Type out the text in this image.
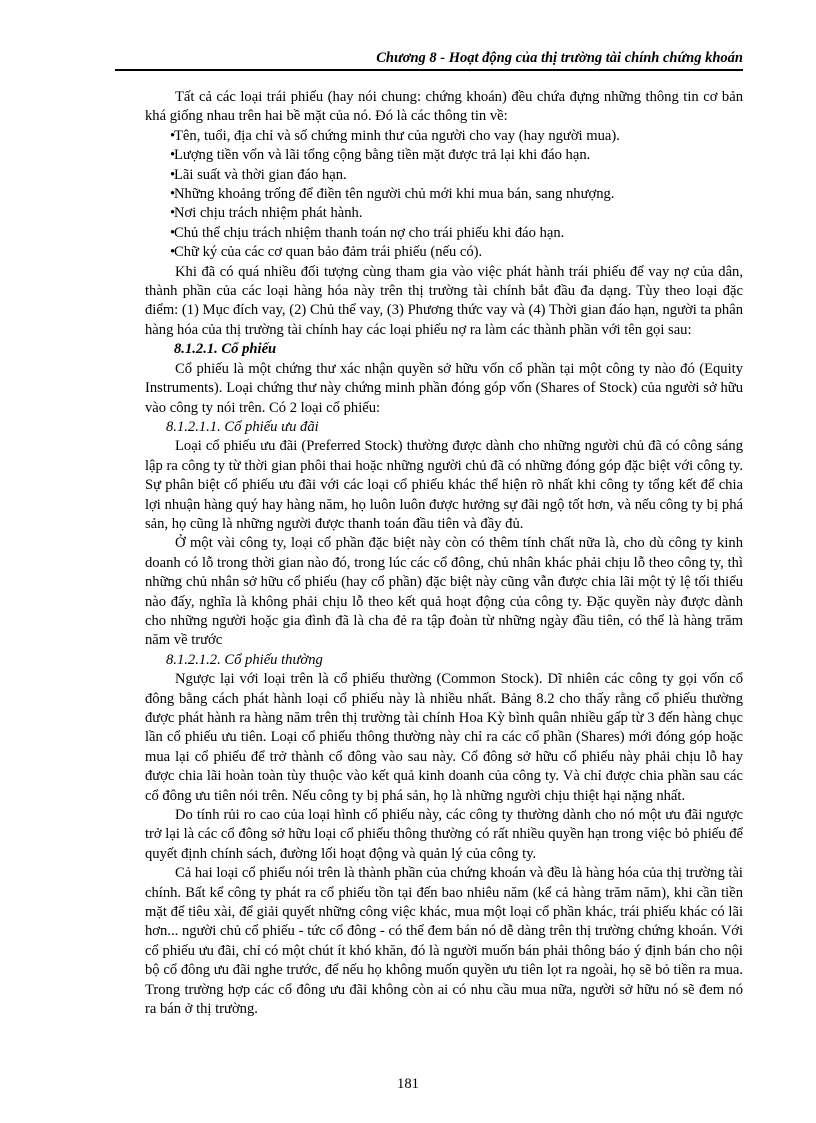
Chương 8 - Hoạt động của thị trường tài chính chứng khoán

Tất cả các loại trái phiếu (hay nói chung: chứng khoán) đều chứa đựng những thông tin cơ bản khá giống nhau trên hai bề mặt của nó. Đó là các thông tin về:

•
Tên, tuổi, địa chỉ và số chứng minh thư của người cho vay (hay người mua).
•
Lượng tiền vốn và lãi tổng cộng bằng tiền mặt được trả lại khi đáo hạn.
•
Lãi suất và thời gian đáo hạn.
•
Những khoảng trống để điền tên người chủ mới khi mua bán, sang nhượng.
•
Nơi chịu trách nhiệm phát hành.
•
Chủ thể chịu trách nhiệm thanh toán nợ cho trái phiếu khi đáo hạn.
•
Chữ ký của các cơ quan bảo đảm trái phiếu (nếu có).

Khi đã có quá nhiều đối tượng cùng tham gia vào việc phát hành trái phiếu để vay nợ của dân, thành phần của các loại hàng hóa này trên thị trường tài chính bắt đầu đa dạng. Tùy theo loại đặc điểm: (1) Mục đích vay, (2) Chủ thể vay, (3) Phương thức vay và (4) Thời gian đáo hạn, người ta phân hàng hóa của thị trường tài chính hay các loại phiếu nợ ra làm các thành phần với tên gọi sau:

8.1.2.1. Cổ phiếu

Cổ phiếu là một chứng thư xác nhận quyền sở hữu vốn cổ phần tại một công ty nào đó (Equity Instruments). Loại chứng thư này chứng minh phần đóng góp vốn (Shares of Stock) của người sở hữu vào công ty nói trên. Có 2 loại cổ phiếu:

8.1.2.1.1. Cổ phiếu ưu đãi

Loại cổ phiếu ưu đãi (Preferred Stock) thường được dành cho những người chủ đã có công sáng lập ra công ty từ thời gian phôi thai hoặc những người chủ đã có những đóng góp đặc biệt với công ty. Sự phân biệt cổ phiếu ưu đãi với các loại cổ phiếu khác thể hiện rõ nhất khi công ty tổng kết để chia lợi nhuận hàng quý hay hàng năm, họ luôn luôn được hưởng sự đãi ngộ tốt hơn, và nếu công ty bị phá sản, họ cũng là những người được thanh toán đầu tiên và đầy đủ.

Ở một vài công ty, loại cổ phần đặc biệt này còn có thêm tính chất nữa là, cho dù công ty kinh doanh có lỗ trong thời gian nào đó, trong lúc các cổ đông, chủ nhân khác phải chịu lỗ theo công ty, thì những chủ nhân sở hữu cổ phiếu (hay cổ phần) đặc biệt này cũng vẫn được chia lãi một tỷ lệ tối thiểu nào đấy, nghĩa là không phải chịu lỗ theo kết quả hoạt động của công ty. Đặc quyền này được dành cho những người hoặc gia đình đã là cha đẻ ra tập đoàn từ những ngày đầu tiên, có thể là hàng trăm năm về trước

8.1.2.1.2. Cổ phiếu thường

Ngược lại với loại trên là cổ phiếu thường (Common Stock). Dĩ nhiên các công ty gọi vốn cổ đông bằng cách phát hành loại cổ phiếu này là nhiều nhất. Bảng 8.2 cho thấy rằng cổ phiếu thường được phát hành ra hàng năm trên thị trường tài chính Hoa Kỳ bình quân nhiều gấp từ 3 đến hàng chục lần cổ phiếu ưu tiên. Loại cổ phiếu thông thường này chỉ ra các cổ phần (Shares) mới đóng góp hoặc mua lại cổ phiếu để trở thành cổ đông vào sau này. Cổ đông sở hữu cổ phiếu này phải chịu lỗ hay được chia lãi hoàn toàn tùy thuộc vào kết quả kinh doanh của công ty. Và chỉ được chia phần sau các cổ đông ưu tiên nói trên. Nếu công ty bị phá sản, họ là những người chịu thiệt hại nặng nhất.

Do tính rủi ro cao của loại hình cổ phiếu này, các công ty thường dành cho nó một ưu đãi ngược trở lại là các cổ đông sở hữu loại cổ phiếu thông thường có rất nhiều quyền hạn trong việc bỏ phiếu để quyết định chính sách, đường lối hoạt động và quản lý của công ty.

Cả hai loại cổ phiếu nói trên là thành phần của chứng khoán và đều là hàng hóa của thị trường tài chính. Bất kể công ty phát ra cổ phiếu tồn tại đến bao nhiêu năm (kể cả hàng trăm năm), khi cần tiền mặt để tiêu xài, để giải quyết những công việc khác, mua một loại cổ phần khác, trái phiếu khác có lãi hơn... người chủ cổ phiếu - tức cổ đông - có thể đem bán nó dễ dàng trên thị trường chứng khoán. Với cổ phiếu ưu đãi, chỉ có một chút ít khó khăn, đó là người muốn bán phải thông báo ý định bán cho nội bộ cổ đông ưu đãi nghe trước, để nếu họ không muốn quyền ưu tiên lọt ra ngoài, họ sẽ bỏ tiền ra mua. Trong trường hợp các cổ đông ưu đãi không còn ai có nhu cầu mua nữa, người sở hữu nó sẽ đem nó ra bán ở thị trường.

181
